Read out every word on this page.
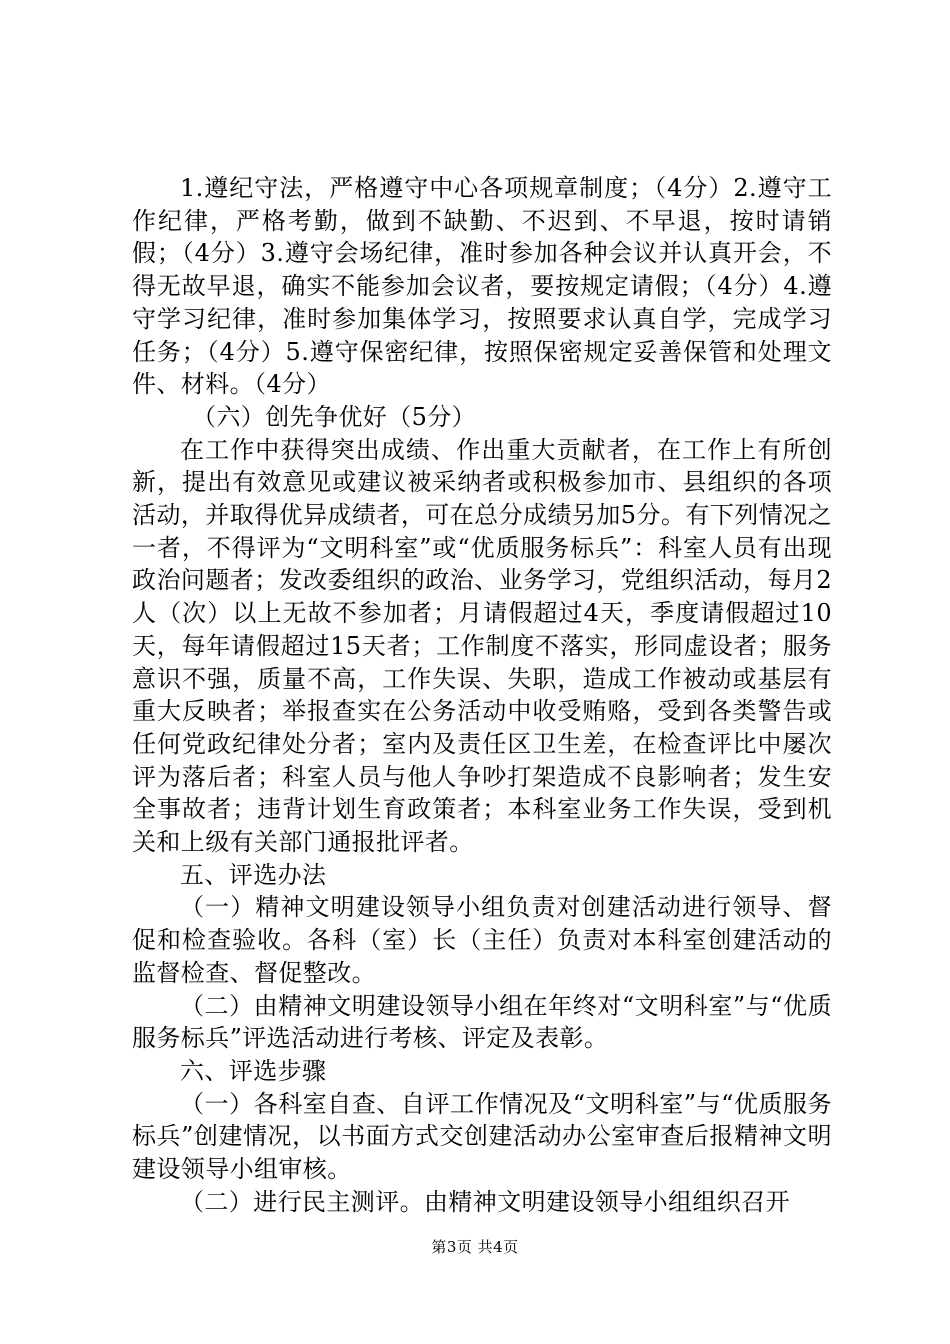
1.遵纪守法，严格遵守中心各项规章制度；（4分）2.遵守工作纪律，严格考勤，做到不缺勤、不迟到、不早退，按时请销假；（4分）3.遵守会场纪律，准时参加各种会议并认真开会，不得无故早退，确实不能参加会议者，要按规定请假；（4分）4.遵守学习纪律，准时参加集体学习，按照要求认真自学，完成学习任务；（4分）5.遵守保密纪律，按照保密规定妥善保管和处理文件、材料。（4分）

（六）创先争优好（5分）

在工作中获得突出成绩、作出重大贡献者，在工作上有所创新，提出有效意见或建议被采纳者或积极参加市、县组织的各项活动，并取得优异成绩者，可在总分成绩另加5分。有下列情况之一者，不得评为“文明科室”或“优质服务标兵”：科室人员有出现政治问题者；发改委组织的政治、业务学习，党组织活动，每月2人（次）以上无故不参加者；月请假超过4天，季度请假超过10天，每年请假超过15天者；工作制度不落实，形同虚设者；服务意识不强，质量不高，工作失误、失职，造成工作被动或基层有重大反映者；举报查实在公务活动中收受贿赂，受到各类警告或任何党政纪律处分者；室内及责任区卫生差，在检查评比中屡次评为落后者；科室人员与他人争吵打架造成不良影响者；发生安全事故者；违背计划生育政策者；本科室业务工作失误，受到机关和上级有关部门通报批评者。

五、评选办法

（一）精神文明建设领导小组负责对创建活动进行领导、督促和检查验收。各科（室）长（主任）负责对本科室创建活动的监督检查、督促整改。

（二）由精神文明建设领导小组在年终对“文明科室”与“优质服务标兵”评选活动进行考核、评定及表彰。

六、评选步骤

（一）各科室自查、自评工作情况及“文明科室”与“优质服务标兵”创建情况，以书面方式交创建活动办公室审查后报精神文明建设领导小组审核。

（二）进行民主测评。由精神文明建设领导小组组织召开

第3页 共4页
